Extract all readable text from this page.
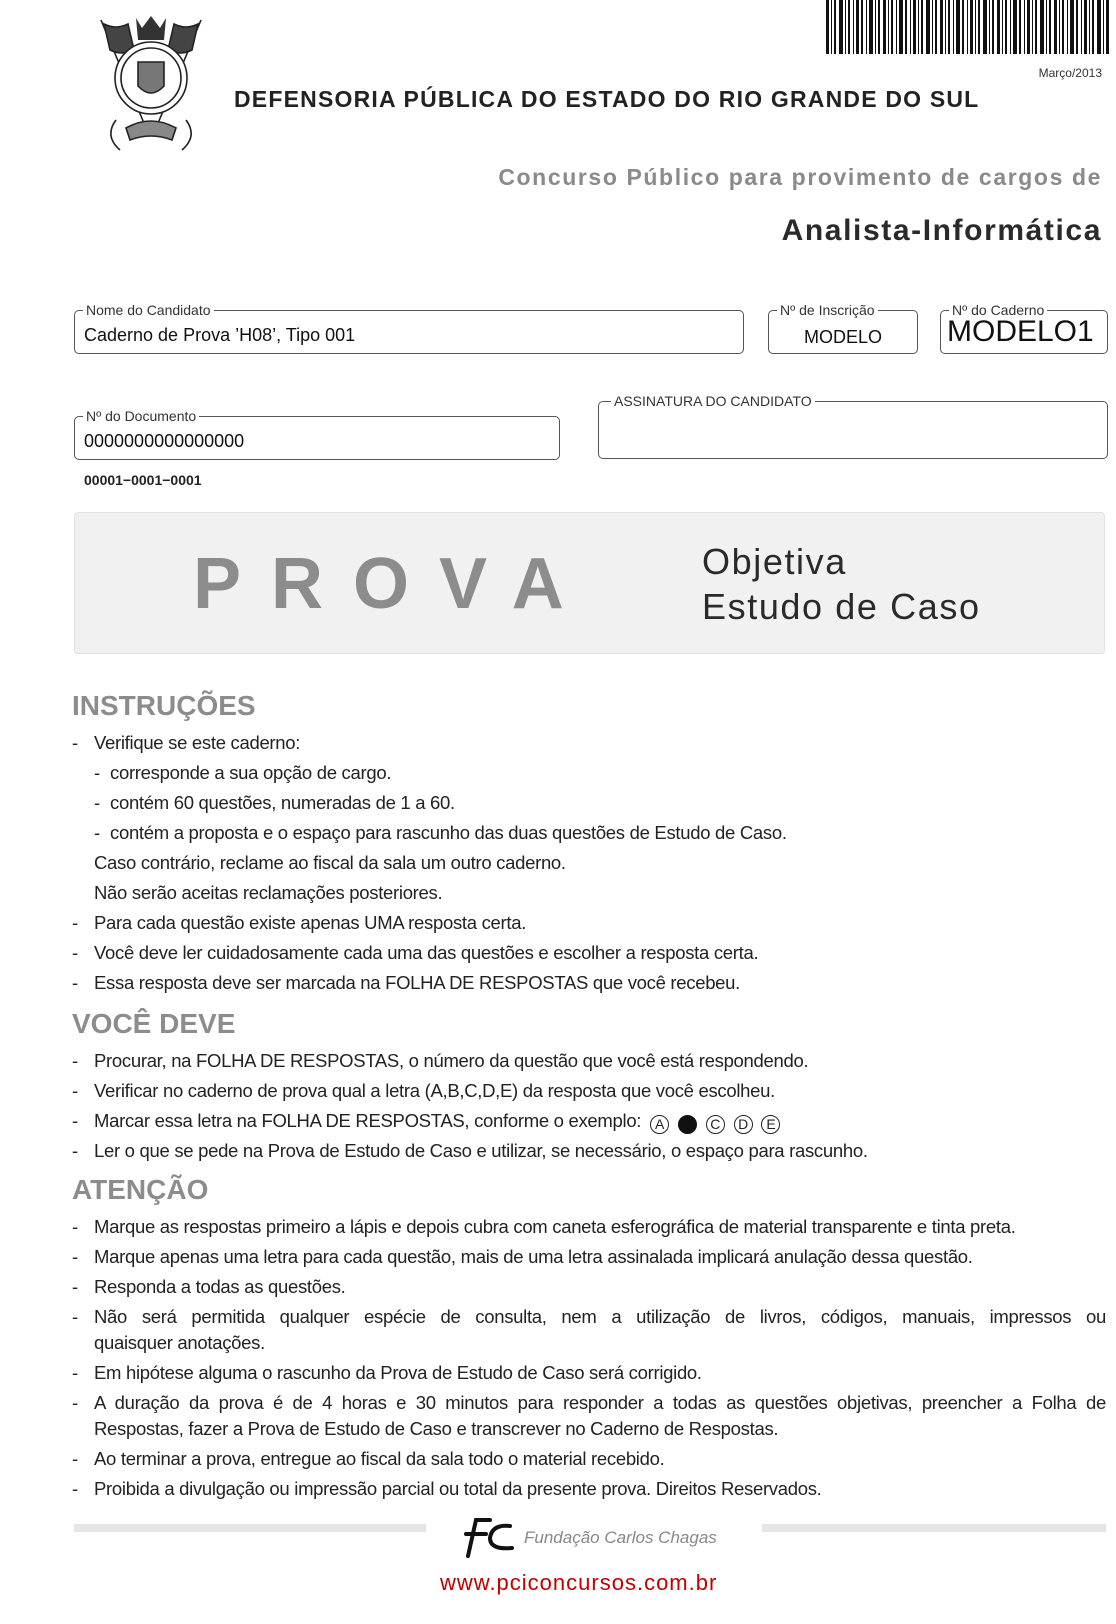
Março/2013
DEFENSORIA PÚBLICA DO ESTADO DO RIO GRANDE DO SUL
Concurso Público para provimento de cargos de
Analista-Informática
Nome do Candidato
Caderno de Prova ’H08’, Tipo 001
Nº de Inscrição
MODELO
Nº do Caderno
MODELO1
Nº do Documento
0000000000000000
ASSINATURA DO CANDIDATO
00001−0001−0001
PROVA	Objetiva
Estudo de Caso
INSTRUÇÕES
- Verifique se este caderno:
- corresponde a sua opção de cargo.
- contém 60 questões, numeradas de 1 a 60.
- contém a proposta e o espaço para rascunho das duas questões de Estudo de Caso.
Caso contrário, reclame ao fiscal da sala um outro caderno.
Não serão aceitas reclamações posteriores.
- Para cada questão existe apenas UMA resposta certa.
- Você deve ler cuidadosamente cada uma das questões e escolher a resposta certa.
- Essa resposta deve ser marcada na FOLHA DE RESPOSTAS que você recebeu.
VOCÊ DEVE
- Procurar, na FOLHA DE RESPOSTAS, o número da questão que você está respondendo.
- Verificar no caderno de prova qual a letra (A,B,C,D,E) da resposta que você escolheu.
- Marcar essa letra na FOLHA DE RESPOSTAS, conforme o exemplo: A B C D E
- Ler o que se pede na Prova de Estudo de Caso e utilizar, se necessário, o espaço para rascunho.
ATENÇÃO
- Marque as respostas primeiro a lápis e depois cubra com caneta esferográfica de material transparente e tinta preta.
- Marque apenas uma letra para cada questão, mais de uma letra assinalada implicará anulação dessa questão.
- Responda a todas as questões.
- Não será permitida qualquer espécie de consulta, nem a utilização de livros, códigos, manuais, impressos ou
quaisquer anotações.
- Em hipótese alguma o rascunho da Prova de Estudo de Caso será corrigido.
- A duração da prova é de 4 horas e 30 minutos para responder a todas as questões objetivas, preencher a Folha de
Respostas, fazer a Prova de Estudo de Caso e transcrever no Caderno de Respostas.
- Ao terminar a prova, entregue ao fiscal da sala todo o material recebido.
- Proibida a divulgação ou impressão parcial ou total da presente prova. Direitos Reservados.
Fundação Carlos Chagas
www.pciconcursos.com.br
